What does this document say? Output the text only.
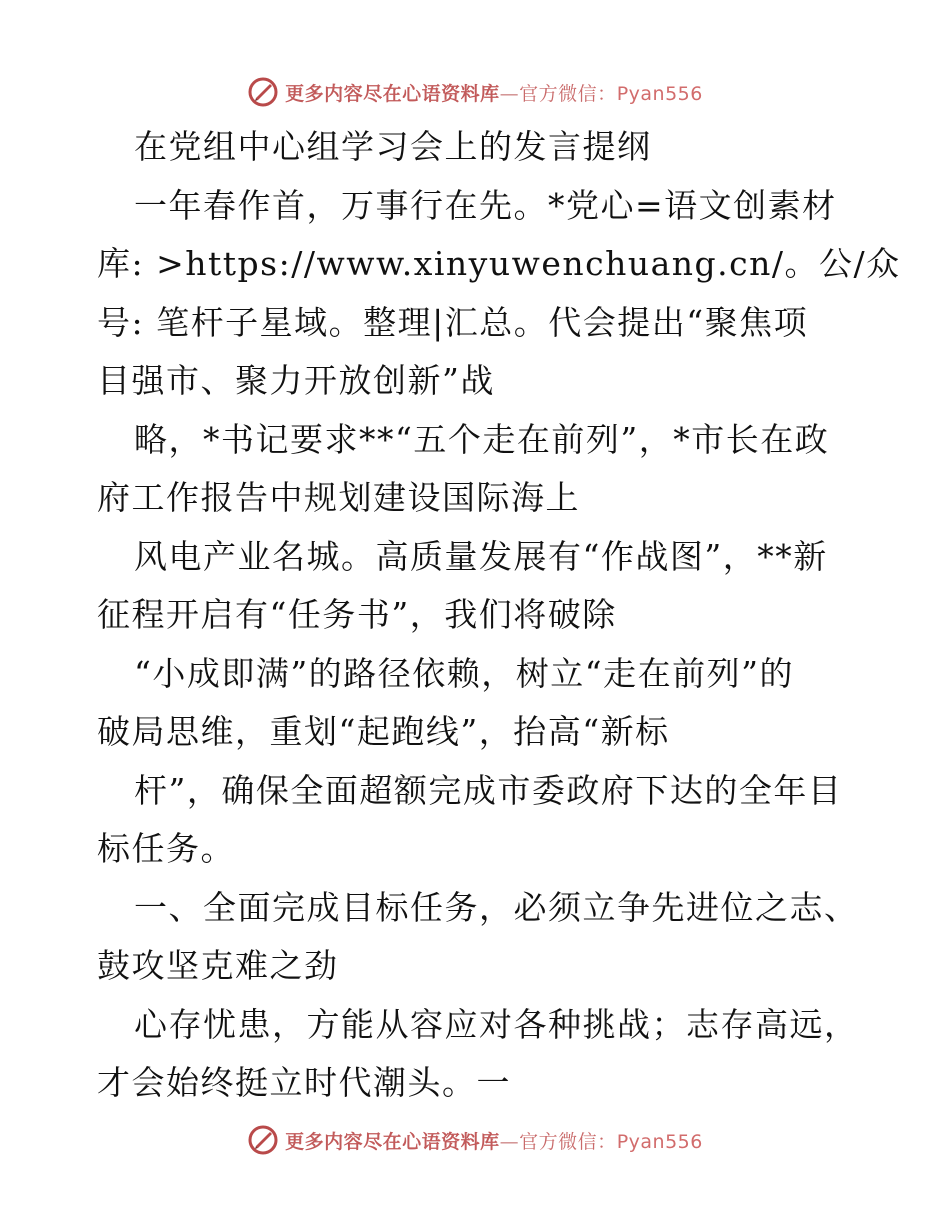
更多内容尽在心语资料库—官方微信：Pyan556
在党组中心组学习会上的发言提纲
一年春作首，万事行在先。*党心=语文创素材
库: >https://www.xinyuwenchuang.cn/。公/众
号: 笔杆子星域。整理|汇总。代会提出“聚焦项
目强市、聚力开放创新”战
略，*书记要求**“五个走在前列”，*市长在政
府工作报告中规划建设国际海上
风电产业名城。高质量发展有“作战图”，**新
征程开启有“任务书”，我们将破除
“小成即满”的路径依赖，树立“走在前列”的
破局思维，重划“起跑线”，抬高“新标
杆”，确保全面超额完成市委政府下达的全年目
标任务。
一、全面完成目标任务，必须立争先进位之志、
鼓攻坚克难之劲
心存忧患，方能从容应对各种挑战；志存高远，
才会始终挺立时代潮头。一
更多内容尽在心语资料库—官方微信：Pyan556
